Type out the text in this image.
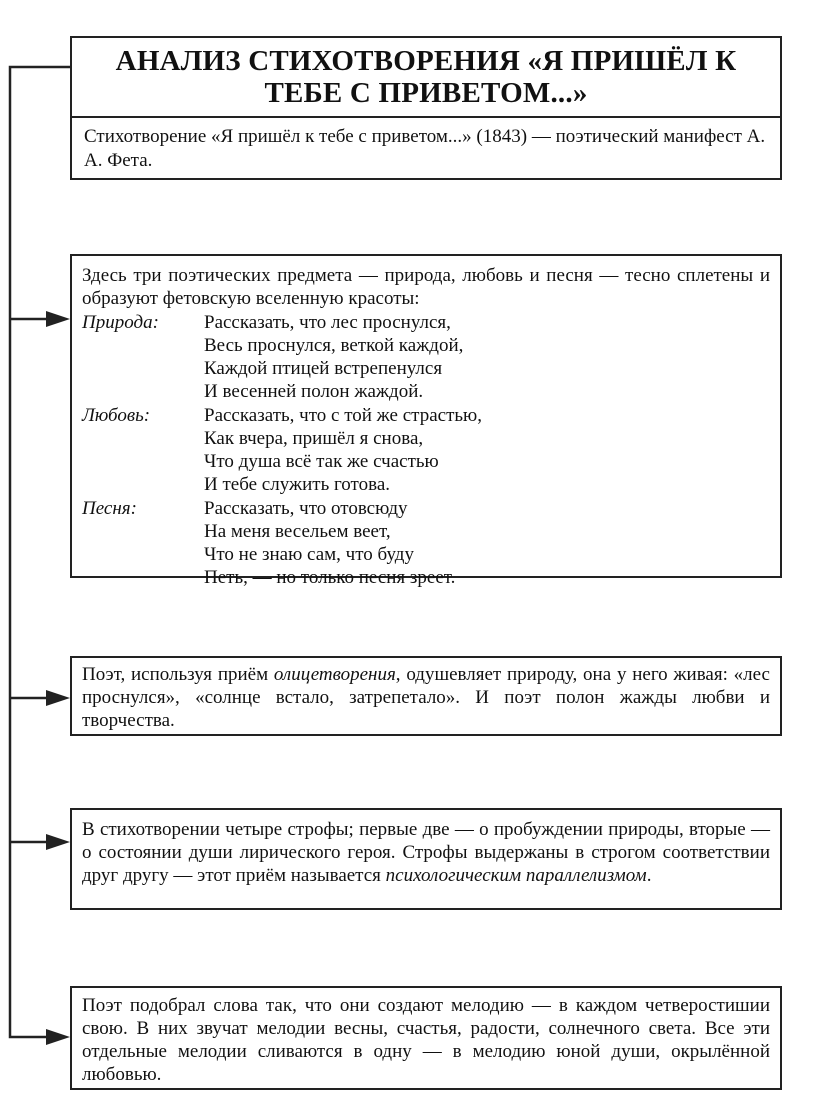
АНАЛИЗ СТИХОТВОРЕНИЯ «Я ПРИШЁЛ К ТЕБЕ С ПРИВЕТОМ...»
Стихотворение «Я пришёл к тебе с приветом...» (1843) — поэтический манифест А. А. Фета.
Здесь три поэтических предмета — природа, любовь и песня — тесно сплетены и образуют фетовскую вселенную красоты:
Природа:	Рассказать, что лес проснулся,
Весь проснулся, веткой каждой,
Каждой птицей встрепенулся
И весенней полон жаждой.
Любовь:	Рассказать, что с той же страстью,
Как вчера, пришёл я снова,
Что душа всё так же счастью
И тебе служить готова.
Песня:	Рассказать, что отовсюду
На меня весельем веет,
Что не знаю сам, что буду
Петь, — но только песня зреет.
Поэт, используя приём олицетворения, одушевляет природу, она у него живая: «лес проснулся», «солнце встало, затрепетало». И поэт полон жажды любви и творчества.
В стихотворении четыре строфы; первые две — о пробуждении природы, вторые — о состоянии души лирического героя. Строфы выдержаны в строгом соответствии друг другу — этот приём называется психологическим параллелизмом.
Поэт подобрал слова так, что они создают мелодию — в каждом четверостишии свою. В них звучат мелодии весны, счастья, радости, солнечного света. Все эти отдельные мелодии сливаются в одну — в мелодию юной души, окрылённой любовью.
